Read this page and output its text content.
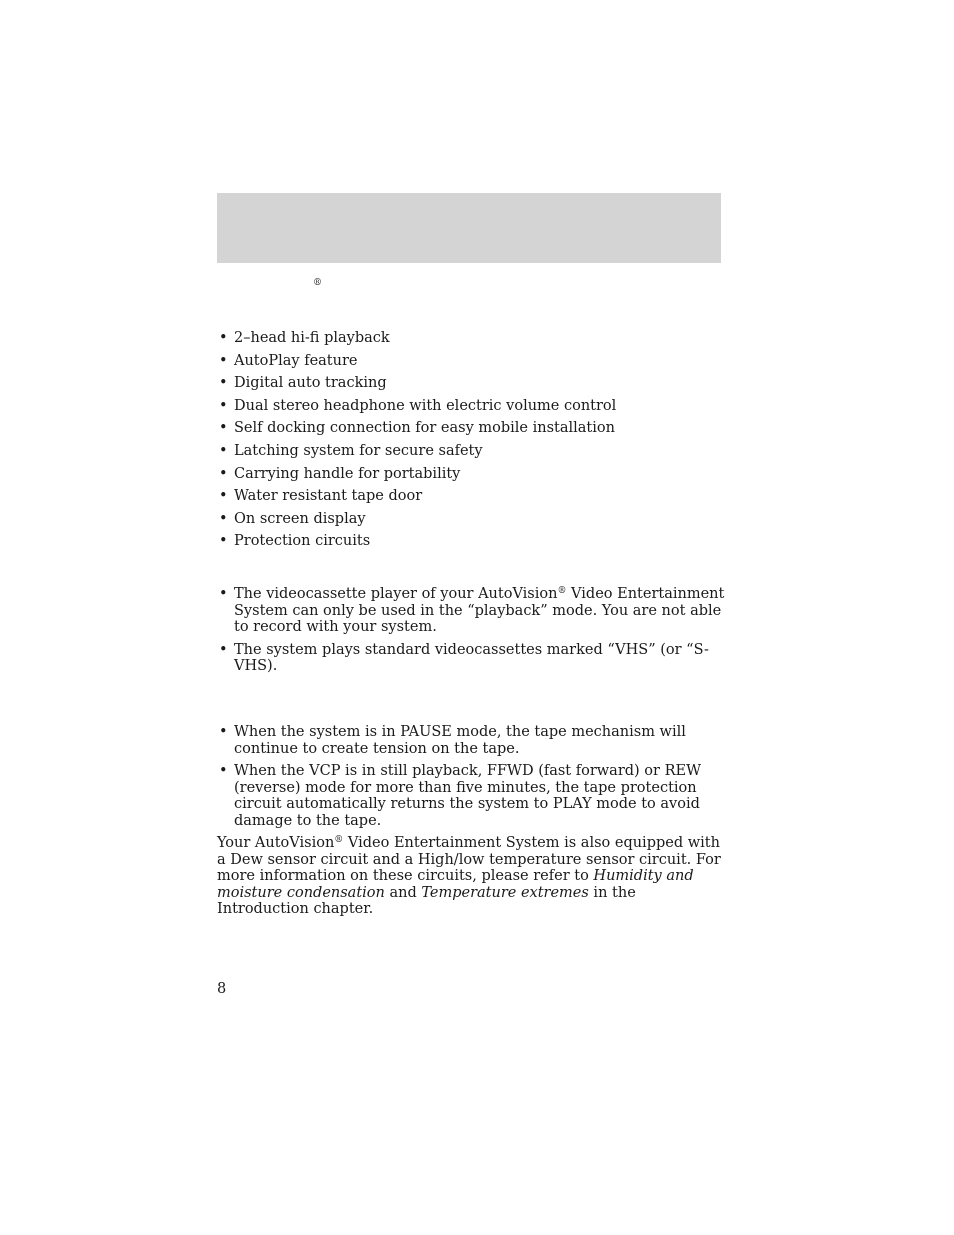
®
• 2–head hi-fi playback
• AutoPlay feature
• Digital auto tracking
• Dual stereo headphone with electric volume control
• Self docking connection for easy mobile installation
• Latching system for secure safety
• Carrying handle for portability
• Water resistant tape door
• On screen display
• Protection circuits
• The videocassette player of your AutoVision® Video Entertainment System can only be used in the “playback” mode. You are not able to record with your system.
• The system plays standard videocassettes marked “VHS” (or “S-VHS).
• When the system is in PAUSE mode, the tape mechanism will continue to create tension on the tape.
• When the VCP is in still playback, FFWD (fast forward) or REW (reverse) mode for more than five minutes, the tape protection circuit automatically returns the system to PLAY mode to avoid damage to the tape.

Your AutoVision® Video Entertainment System is also equipped with a Dew sensor circuit and a High/low temperature sensor circuit. For more information on these circuits, please refer to Humidity and moisture condensation and Temperature extremes in the Introduction chapter.

8
